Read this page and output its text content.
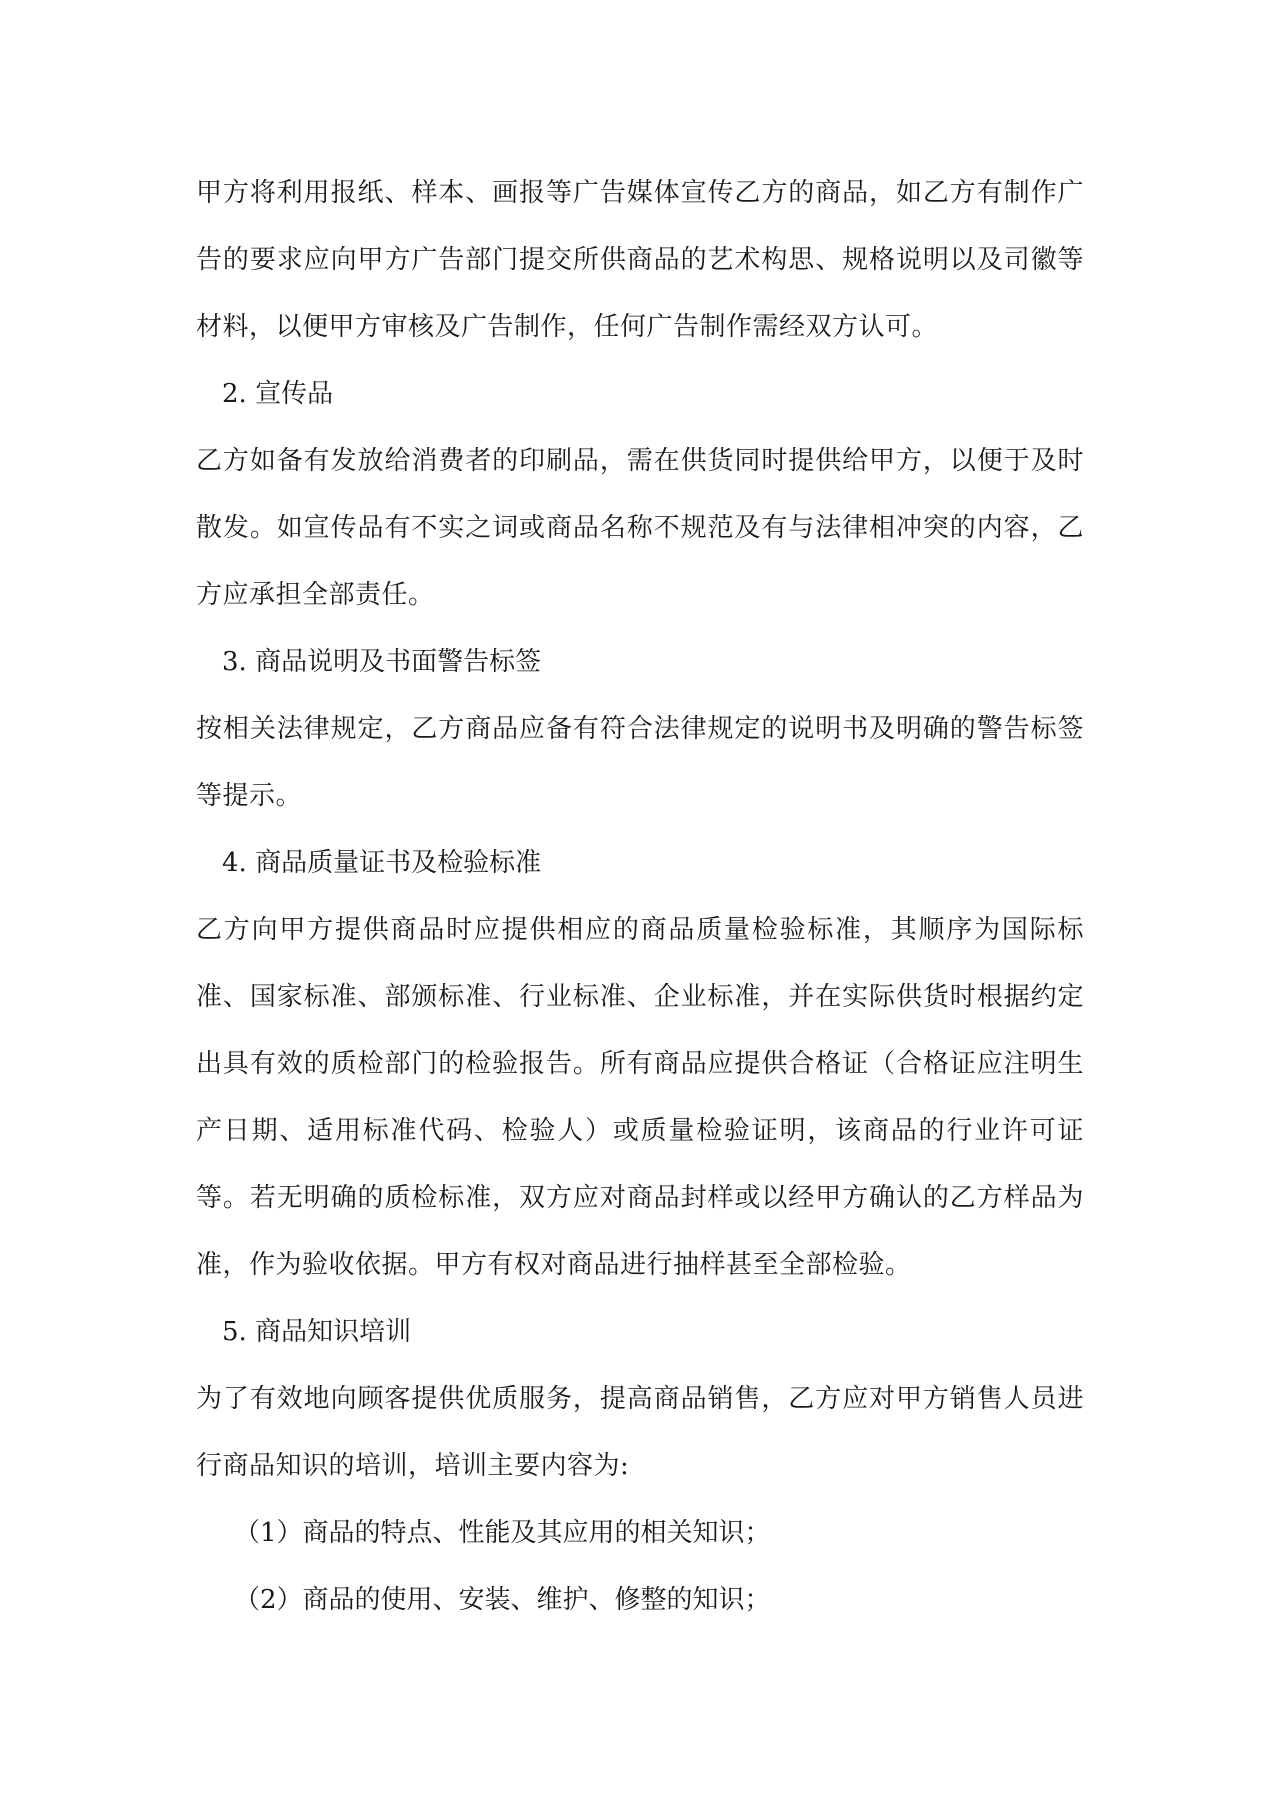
甲方将利用报纸、样本、画报等广告媒体宣传乙方的商品，如乙方有制作广告的要求应向甲方广告部门提交所供商品的艺术构思、规格说明以及司徽等材料，以便甲方审核及广告制作，任何广告制作需经双方认可。

2. 宣传品

乙方如备有发放给消费者的印刷品，需在供货同时提供给甲方，以便于及时散发。如宣传品有不实之词或商品名称不规范及有与法律相冲突的内容，乙方应承担全部责任。

3. 商品说明及书面警告标签

按相关法律规定，乙方商品应备有符合法律规定的说明书及明确的警告标签等提示。

4. 商品质量证书及检验标准

乙方向甲方提供商品时应提供相应的商品质量检验标准，其顺序为国际标准、国家标准、部颁标准、行业标准、企业标准，并在实际供货时根据约定出具有效的质检部门的检验报告。所有商品应提供合格证（合格证应注明生产日期、适用标准代码、检验人）或质量检验证明，该商品的行业许可证等。若无明确的质检标准，双方应对商品封样或以经甲方确认的乙方样品为准，作为验收依据。甲方有权对商品进行抽样甚至全部检验。

5. 商品知识培训

为了有效地向顾客提供优质服务，提高商品销售，乙方应对甲方销售人员进行商品知识的培训，培训主要内容为:

（1）商品的特点、性能及其应用的相关知识；

（2）商品的使用、安装、维护、修整的知识；
